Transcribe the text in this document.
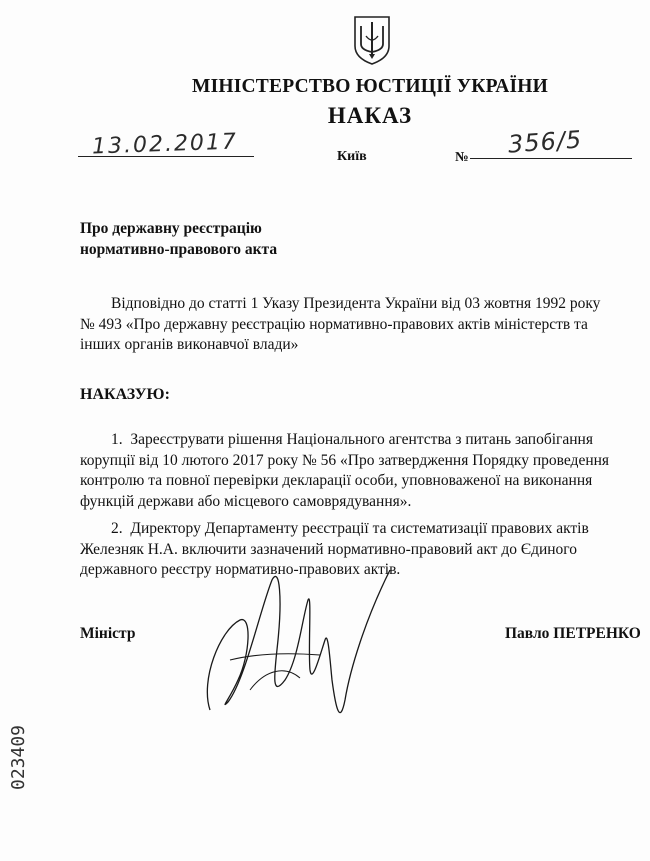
МІНІСТЕРСТВО ЮСТИЦІЇ УКРАЇНИ
НАКАЗ
13.02.2017	Київ	№ 356/5
Про державну реєстрацію
нормативно-правового акта
Відповідно до статті 1 Указу Президента України від 03 жовтня 1992 року
№ 493 «Про державну реєстрацію нормативно-правових актів міністерств та
інших органів виконавчої влади»
НАКАЗУЮ:
1.  Зареєструвати рішення Національного агентства з питань запобігання
корупції від 10 лютого 2017 року № 56 «Про затвердження Порядку проведення
контролю та повної перевірки декларації особи, уповноваженої на виконання
функцій держави або місцевого самоврядування».
2.  Директору Департаменту реєстрації та систематизації правових актів
Железняк Н.А. включити зазначений нормативно-правовий акт до Єдиного
державного реєстру нормативно-правових актів.
Міністр	Павло ПЕТРЕНКО
023409
